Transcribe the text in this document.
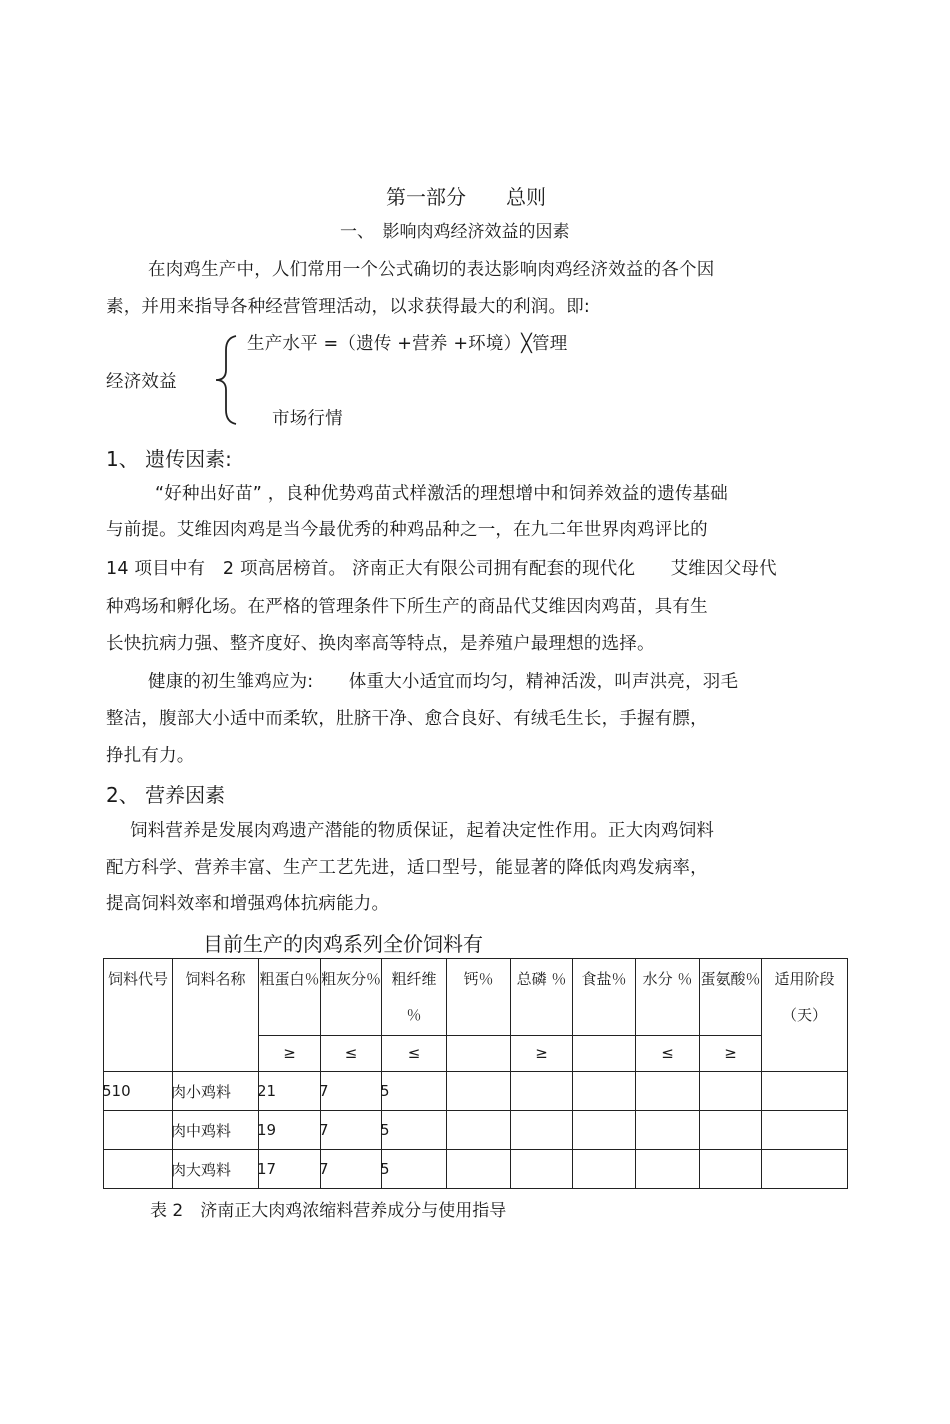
第一部分　　总则
一、　影响肉鸡经济效益的因素
在肉鸡生产中，人们常用一个公式确切的表达影响肉鸡经济效益的各个因
素，并用来指导各种经营管理活动，以求获得最大的利润。即:
生产水平 =（遗传 +营养 +环境）╳管理
经济效益
市场行情
1、 遗传因素:
“好种出好苗” ，良种优势鸡苗式样激活的理想增中和饲养效益的遗传基础
与前提。艾维因肉鸡是当今最优秀的种鸡品种之一，在九二年世界肉鸡评比的
14 项目中有　2 项高居榜首。 济南正大有限公司拥有配套的现代化　　艾维因父母代
种鸡场和孵化场。在严格的管理条件下所生产的商品代艾维因肉鸡苗，具有生
长快抗病力强、整齐度好、换肉率高等特点，是养殖户最理想的选择。
健康的初生雏鸡应为:　　体重大小适宜而均匀，精神活泼，叫声洪亮，羽毛
整洁，腹部大小适中而柔软，肚脐干净、愈合良好、有绒毛生长，手握有膘，
挣扎有力。
2、 营养因素
饲料营养是发展肉鸡遗产潜能的物质保证，起着决定性作用。正大肉鸡饲料
配方科学、营养丰富、生产工艺先进，适口型号，能显著的降低肉鸡发病率，
提高饲料效率和增强鸡体抗病能力。
目前生产的肉鸡系列全价饲料有
饲料代号	饲料名称	粗蛋白％	粗灰分％	粗纤维 ％	钙％	总磷 ％	食盐％	水分 ％	蛋氨酸％	适用阶段（天）
		≥	≤	≤		≥		≤	≥	
510	肉小鸡料	21	7	5						
	肉中鸡料	19	7	5						
	肉大鸡料	17	7	5						
表 2　济南正大肉鸡浓缩料营养成分与使用指导
